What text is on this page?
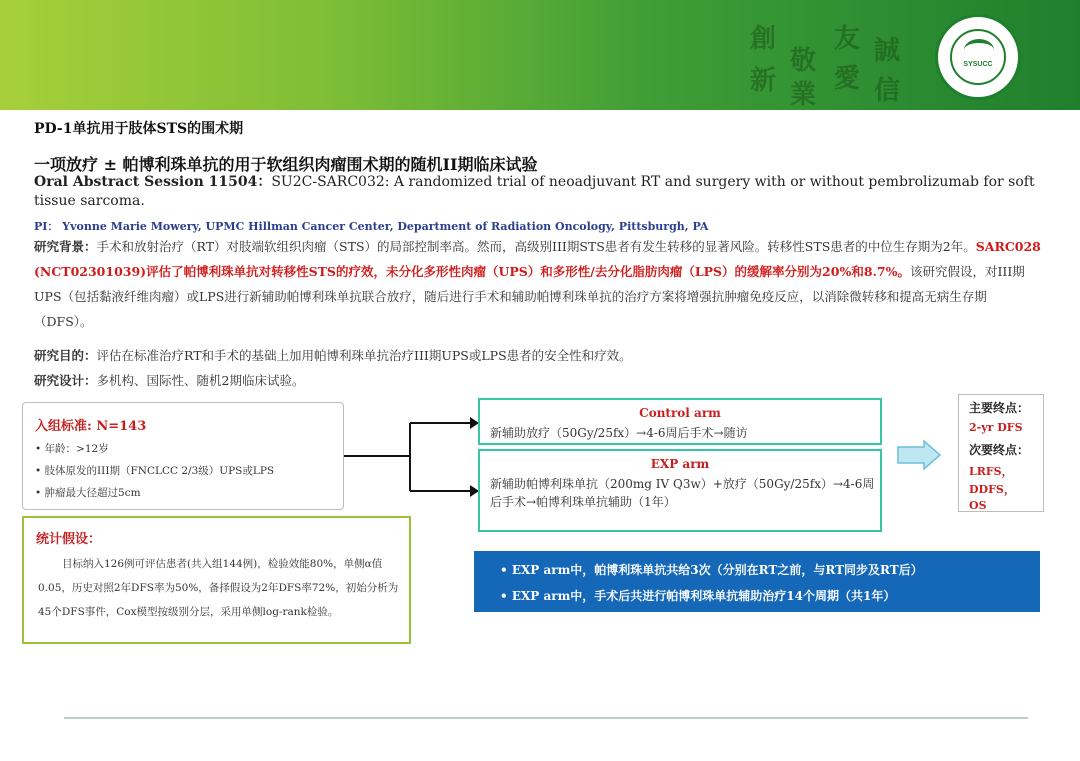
創
新
敬
業
友
愛
誠
信
SYSUCC
PD-1单抗用于肢体STS的围术期
一项放疗 ± 帕博利珠单抗的用于软组织肉瘤围术期的随机II期临床试验
Oral Abstract Session 11504：SU2C-SARC032: A randomized trial of neoadjuvant RT and surgery with or without pembrolizumab for soft tissue sarcoma.
PI： Yvonne Marie Mowery, UPMC Hillman Cancer Center, Department of Radiation Oncology, Pittsburgh, PA
研究背景：手术和放射治疗（RT）对肢端软组织肉瘤（STS）的局部控制率高。然而，高级别III期STS患者有发生转移的显著风险。转移性STS患者的中位生存期为2年。SARC028 (NCT02301039)评估了帕博利珠单抗对转移性STS的疗效，未分化多形性肉瘤（UPS）和多形性/去分化脂肪肉瘤（LPS）的缓解率分别为20%和8.7%。该研究假设，对III期UPS（包括黏液纤维肉瘤）或LPS进行新辅助帕博利珠单抗联合放疗，随后进行手术和辅助帕博利珠单抗的治疗方案将增强抗肿瘤免疫反应，以消除微转移和提高无病生存期（DFS）。
研究目的：评估在标准治疗RT和手术的基础上加用帕博利珠单抗治疗III期UPS或LPS患者的安全性和疗效。
研究设计：多机构、国际性、随机2期临床试验。
入组标准: N=143
• 年龄：>12岁
• 肢体原发的III期（FNCLCC 2/3级）UPS或LPS
• 肿瘤最大径超过5cm
统计假设：
目标纳入126例可评估患者(共入组144例)，检验效能80%，单侧α值0.05，历史对照2年DFS率为50%，备择假设为2年DFS率72%，初始分析为45个DFS事件，Cox模型按级别分层，采用单侧log-rank检验。
Control arm
新辅助放疗（50Gy/25fx）→4-6周后手术→随访
EXP arm
新辅助帕博利珠单抗（200mg IV Q3w）+放疗（50Gy/25fx）→4-6周后手术→帕博利珠单抗辅助（1年）
主要终点：
2-yr DFS
次要终点：
LRFS，
DDFS，
OS
• EXP arm中，帕博利珠单抗共给3次（分别在RT之前，与RT同步及RT后）
• EXP arm中，手术后共进行帕博利珠单抗辅助治疗14个周期（共1年）
